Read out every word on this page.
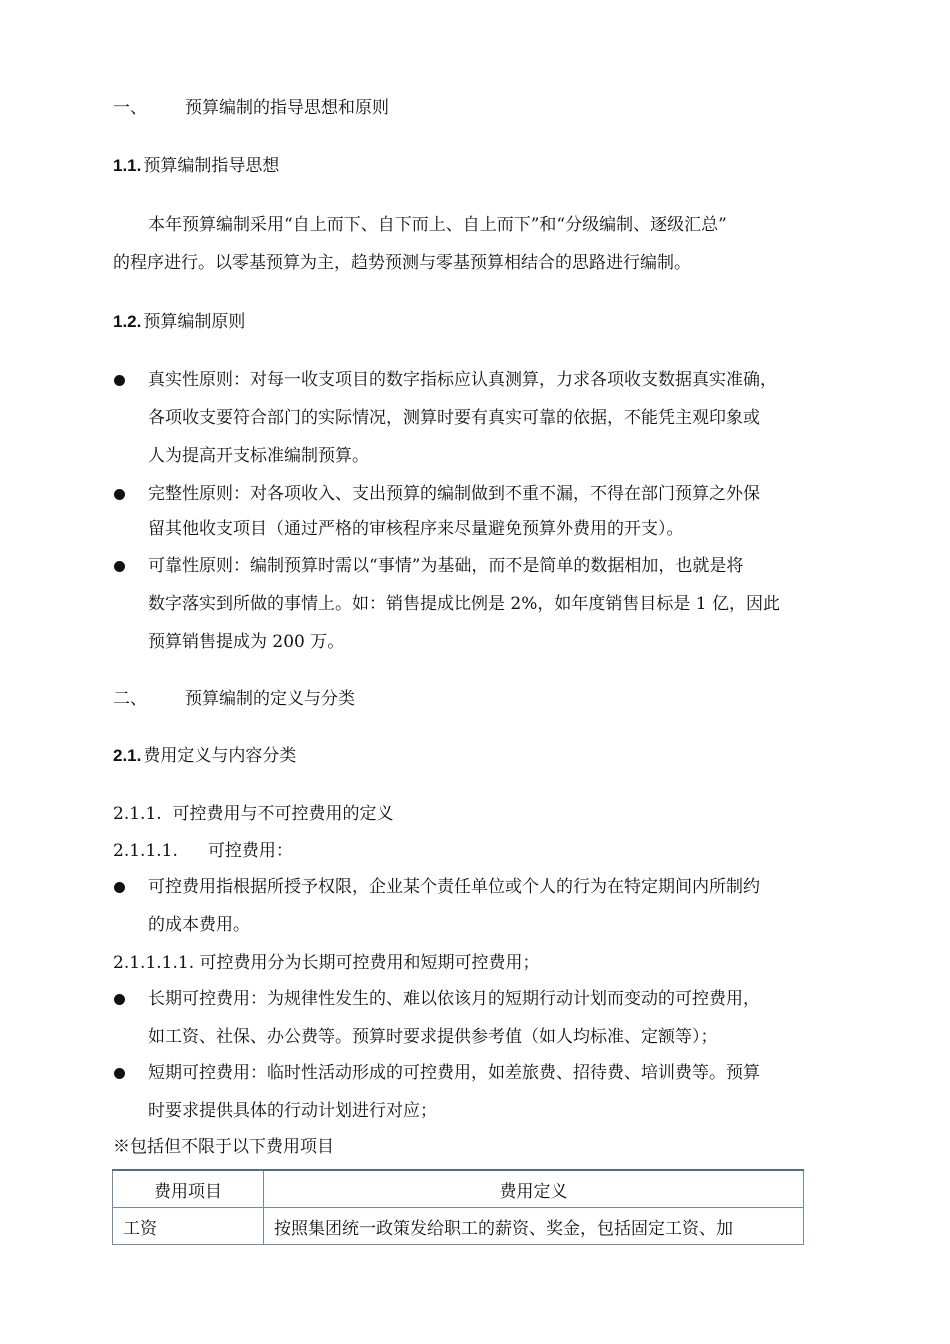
一、 预算编制的指导思想和原则
1.1. 预算编制指导思想
本年预算编制采用“自上而下、自下而上、自上而下”和“分级编制、逐级汇总”
的程序进行。以零基预算为主，趋势预测与零基预算相结合的思路进行编制。
1.2. 预算编制原则
真实性原则：对每一收支项目的数字指标应认真测算，力求各项收支数据真实准确，
各项收支要符合部门的实际情况，测算时要有真实可靠的依据，不能凭主观印象或
人为提高开支标准编制预算。
完整性原则：对各项收入、支出预算的编制做到不重不漏，不得在部门预算之外保
留其他收支项目（通过严格的审核程序来尽量避免预算外费用的开支）。
可靠性原则：编制预算时需以“事情”为基础，而不是简单的数据相加，也就是将
数字落实到所做的事情上。如：销售提成比例是 2%，如年度销售目标是 1 亿，因此
预算销售提成为 200 万。
二、 预算编制的定义与分类
2.1. 费用定义与内容分类
2.1.1.  可控费用与不可控费用的定义
2.1.1.1. 可控费用：
可控费用指根据所授予权限，企业某个责任单位或个人的行为在特定期间内所制约
的成本费用。
2.1.1.1.1. 可控费用分为长期可控费用和短期可控费用；
长期可控费用：为规律性发生的、难以依该月的短期行动计划而变动的可控费用，
如工资、社保、办公费等。预算时要求提供参考值（如人均标准、定额等）；
短期可控费用：临时性活动形成的可控费用，如差旅费、招待费、培训费等。预算
时要求提供具体的行动计划进行对应；
※包括但不限于以下费用项目
费用项目	费用定义
工资	按照集团统一政策发给职工的薪资、奖金，包括固定工资、加
